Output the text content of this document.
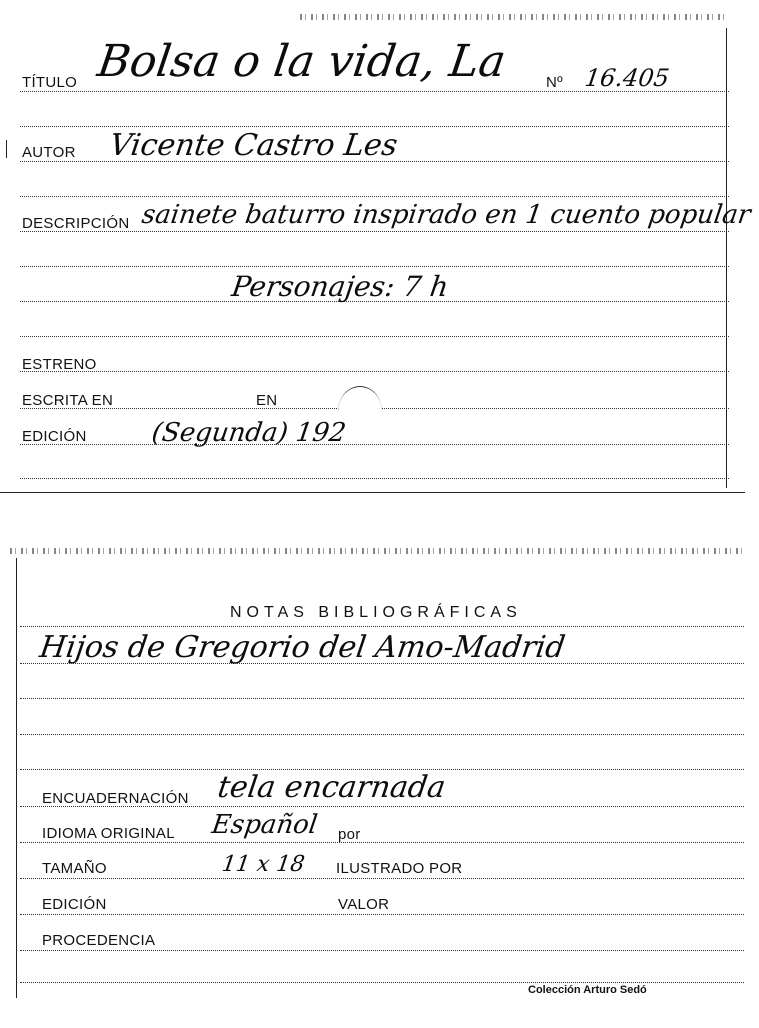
TÍTULO Bolsa o la vida, La Nº 16.405
AUTOR Vicente Castro Les
DESCRIPCIÓN sainete baturro inspirado en 1 cuento popular
Personajes: 7 h
ESTRENO
ESCRITA EN	EN
EDICIÓN (Segunda) 192
NOTAS BIBLIOGRÁFICAS
Hijos de Gregorio del Amo-Madrid
ENCUADERNACIÓN tela encarnada
IDIOMA ORIGINAL Español por
TAMAÑO	11 x 18 ILUSTRADO POR
EDICIÓN	VALOR
PROCEDENCIA
Colección Arturo Sedó
